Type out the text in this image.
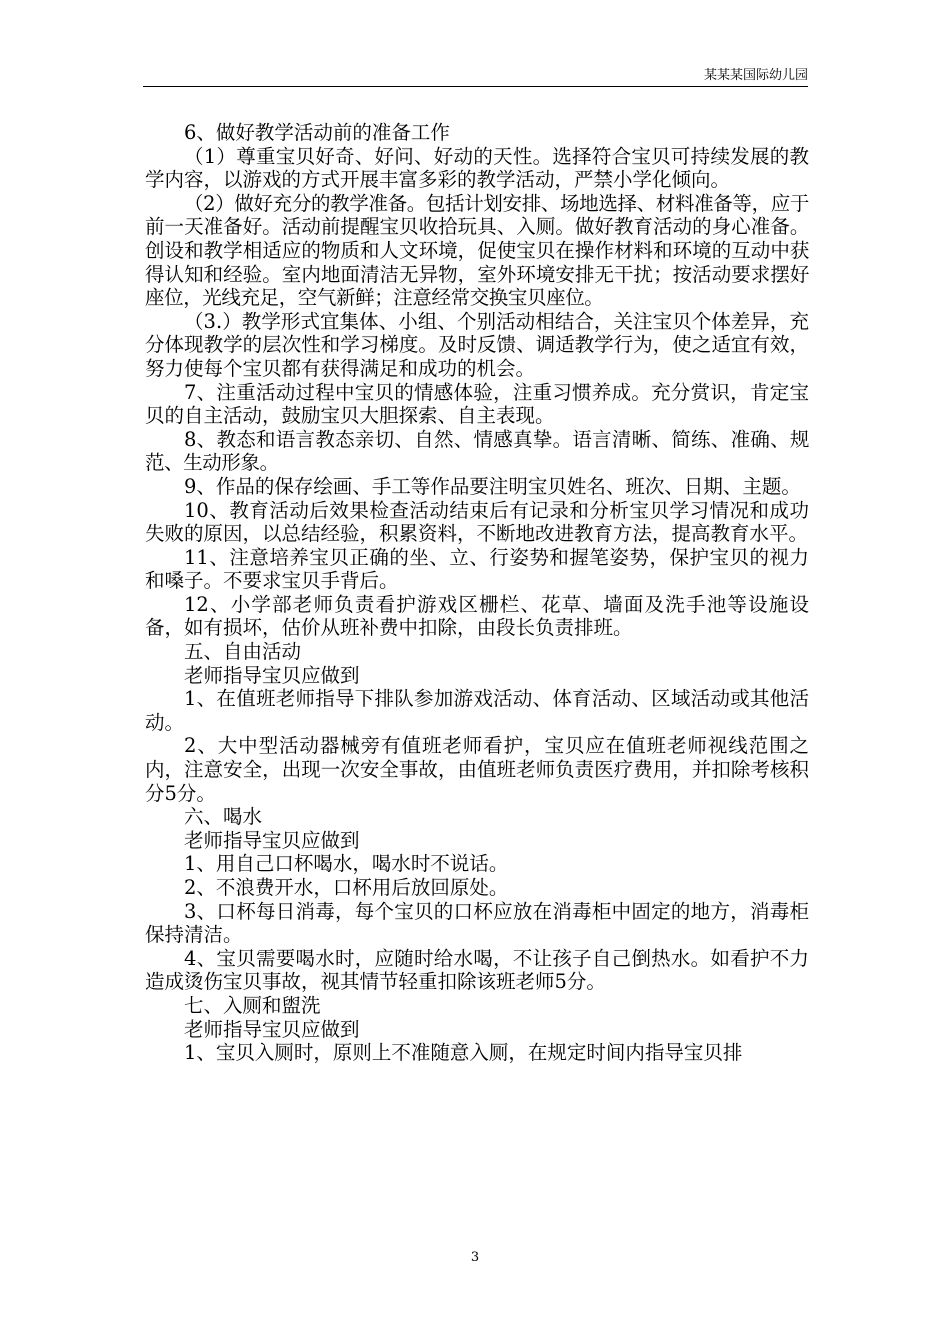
某某某国际幼儿园

6、做好教学活动前的准备工作

（1）尊重宝贝好奇、好问、好动的天性。选择符合宝贝可持续发展的教学内容，以游戏的方式开展丰富多彩的教学活动，严禁小学化倾向。

（2）做好充分的教学准备。包括计划安排、场地选择、材料准备等，应于前一天准备好。活动前提醒宝贝收拾玩具、入厕。做好教育活动的身心准备。创设和教学相适应的物质和人文环境，促使宝贝在操作材料和环境的互动中获得认知和经验。室内地面清洁无异物，室外环境安排无干扰；按活动要求摆好座位，光线充足，空气新鲜；注意经常交换宝贝座位。

（3.）教学形式宜集体、小组、个别活动相结合，关注宝贝个体差异，充分体现教学的层次性和学习梯度。及时反馈、调适教学行为，使之适宜有效，努力使每个宝贝都有获得满足和成功的机会。

7、注重活动过程中宝贝的情感体验，注重习惯养成。充分赏识，肯定宝贝的自主活动，鼓励宝贝大胆探索、自主表现。

8、教态和语言教态亲切、自然、情感真挚。语言清晰、简练、准确、规范、生动形象。

9、作品的保存绘画、手工等作品要注明宝贝姓名、班次、日期、主题。

10、教育活动后效果检查活动结束后有记录和分析宝贝学习情况和成功失败的原因，以总结经验，积累资料，不断地改进教育方法，提高教育水平。

11、注意培养宝贝正确的坐、立、行姿势和握笔姿势，保护宝贝的视力和嗓子。不要求宝贝手背后。

12、小学部老师负责看护游戏区栅栏、花草、墙面及洗手池等设施设备，如有损坏，估价从班补费中扣除，由段长负责排班。

五、自由活动

老师指导宝贝应做到

1、在值班老师指导下排队参加游戏活动、体育活动、区域活动或其他活动。

2、大中型活动器械旁有值班老师看护，宝贝应在值班老师视线范围之内，注意安全，出现一次安全事故，由值班老师负责医疗费用，并扣除考核积分5分。

六、喝水

老师指导宝贝应做到

1、用自己口杯喝水，喝水时不说话。

2、不浪费开水，口杯用后放回原处。

3、口杯每日消毒，每个宝贝的口杯应放在消毒柜中固定的地方，消毒柜保持清洁。

4、宝贝需要喝水时，应随时给水喝，不让孩子自己倒热水。如看护不力造成烫伤宝贝事故，视其情节轻重扣除该班老师5分。

七、入厕和盥洗

老师指导宝贝应做到

1、宝贝入厕时，原则上不准随意入厕，在规定时间内指导宝贝排

3
